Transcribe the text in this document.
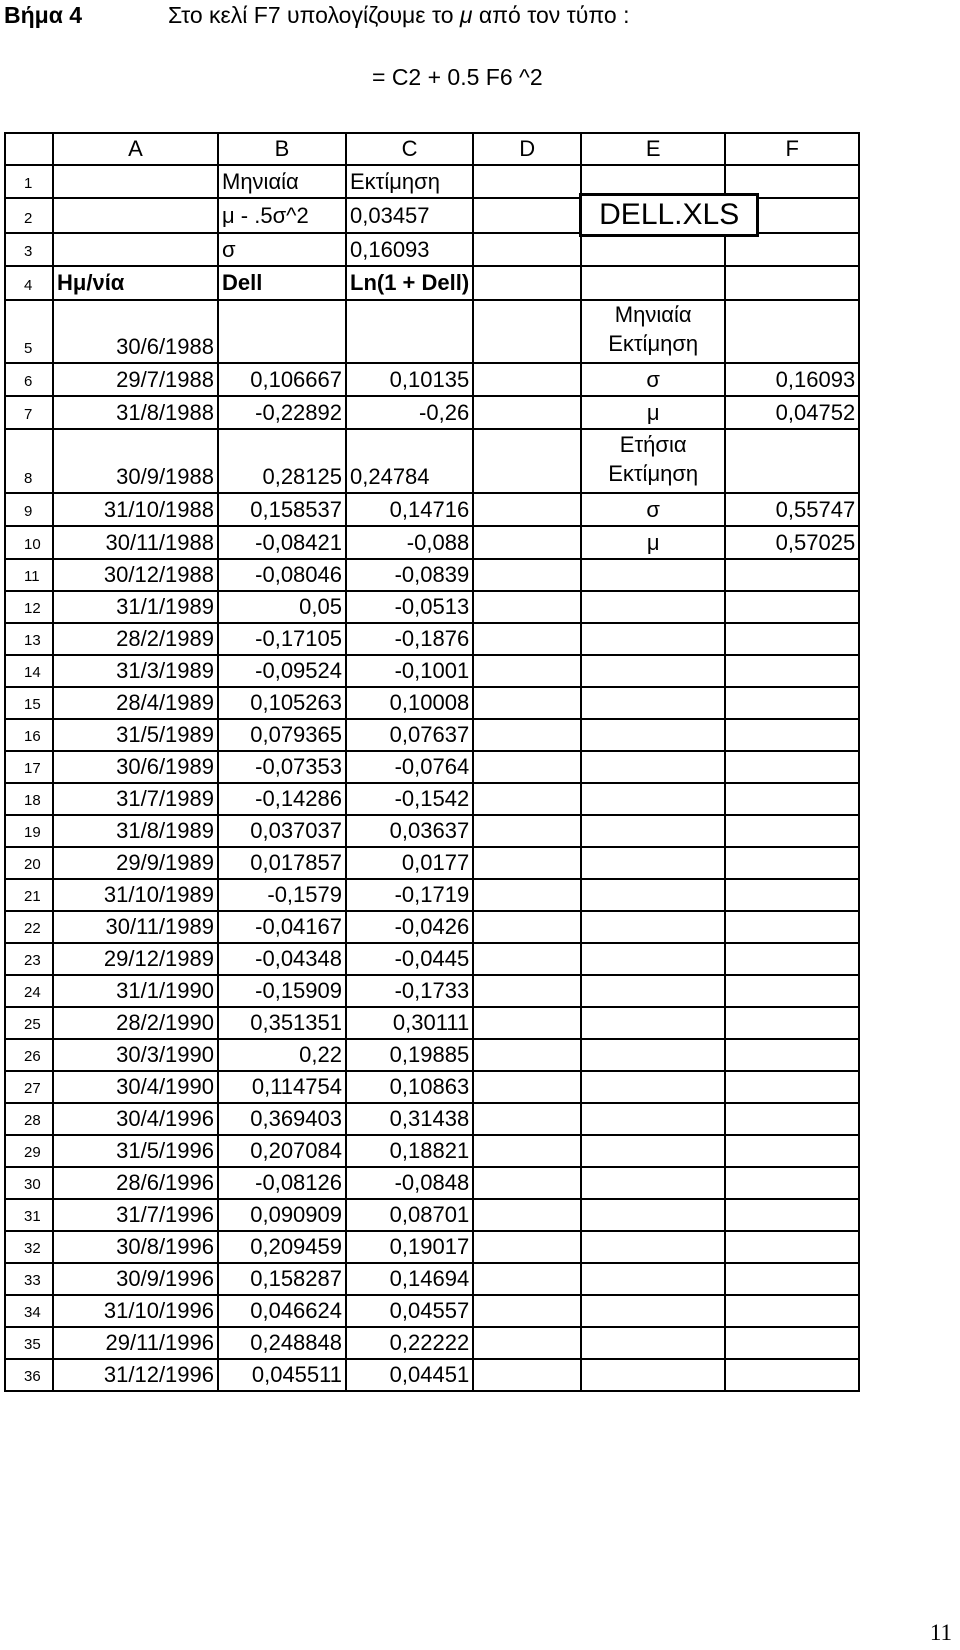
Βήμα 4	Στο κελί F7 υπολογίζουμε το μ από τον τύπο :
= C2 + 0.5 F6 ^2
	A	B	C	D	E	F
1		Μηνιαία	Εκτίμηση			
2		μ - .5σ^2	0,03457		DELL.XLS	

3		σ	0,16093			
4	Ημ/νία	Dell	Ln(1 + Dell)			
5	30/6/1988				Μηνιαία
Εκτίμηση	
6	29/7/1988	0,106667	0,10135		σ	0,16093
7	31/8/1988	-0,22892	-0,26		μ	0,04752
8	30/9/1988	0,28125	0,24784		Ετήσια
Εκτίμηση	
9	31/10/1988	0,158537	0,14716		σ	0,55747
10	30/11/1988	-0,08421	-0,088		μ	0,57025
11	30/12/1988	-0,08046	-0,0839			
12	31/1/1989	0,05	-0,0513			
13	28/2/1989	-0,17105	-0,1876			
14	31/3/1989	-0,09524	-0,1001			
15	28/4/1989	0,105263	0,10008			
16	31/5/1989	0,079365	0,07637			
17	30/6/1989	-0,07353	-0,0764			
18	31/7/1989	-0,14286	-0,1542			
19	31/8/1989	0,037037	0,03637			
20	29/9/1989	0,017857	0,0177			
21	31/10/1989	-0,1579	-0,1719			
22	30/11/1989	-0,04167	-0,0426			
23	29/12/1989	-0,04348	-0,0445			
24	31/1/1990	-0,15909	-0,1733			
25	28/2/1990	0,351351	0,30111			
26	30/3/1990	0,22	0,19885			
27	30/4/1990	0,114754	0,10863			
28	30/4/1996	0,369403	0,31438			
29	31/5/1996	0,207084	0,18821			
30	28/6/1996	-0,08126	-0,0848			
31	31/7/1996	0,090909	0,08701			
32	30/8/1996	0,209459	0,19017			
33	30/9/1996	0,158287	0,14694			
34	31/10/1996	0,046624	0,04557			
35	29/11/1996	0,248848	0,22222			
36	31/12/1996	0,045511	0,04451			
11
